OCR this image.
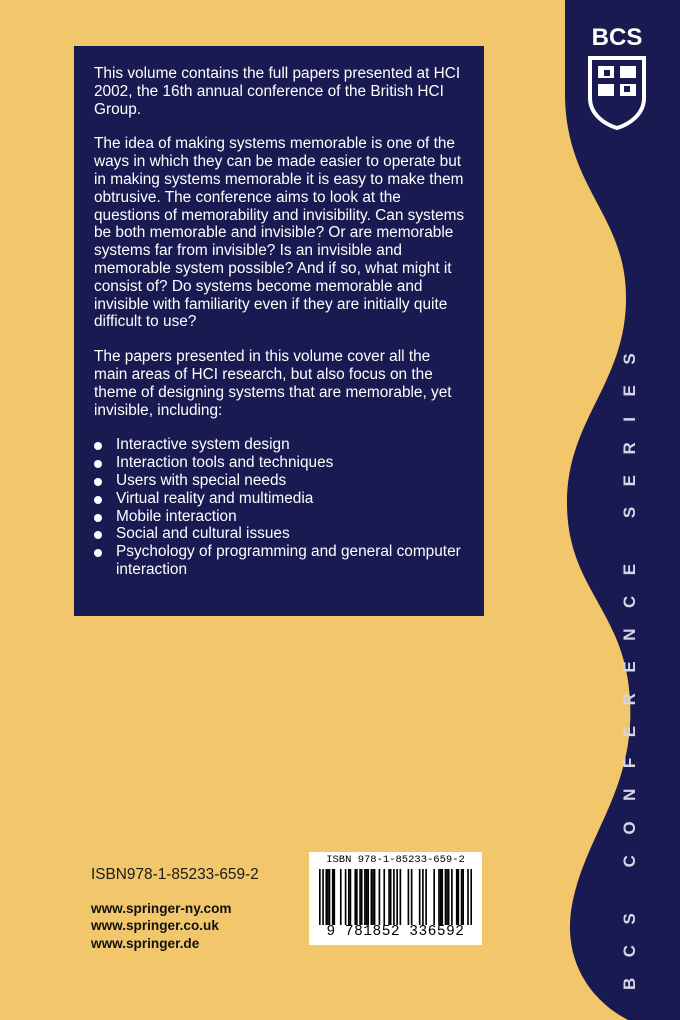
BCS
BCS CONFERENCE SERIES

This volume contains the full papers presented at HCI 2002, the 16th annual conference of the British HCI Group.

The idea of making systems memorable is one of the ways in which they can be made easier to operate but in making systems memorable it is easy to make them obtrusive. The conference aims to look at the questions of memorability and invisibility. Can systems be both memorable and invisible? Or are memorable systems far from invisible? Is an invisible and memorable system possible? And if so, what might it consist of? Do systems become memorable and invisible with familiarity even if they are initially quite difficult to use?

The papers presented in this volume cover all the main areas of HCI research, but also focus on the theme of designing systems that are memorable, yet invisible, including:

Interactive system design
Interaction tools and techniques
Users with special needs
Virtual reality and multimedia
Mobile interaction
Social and cultural issues
Psychology of programming and general computer interaction
ISBN978-1-85233-659-2
www.springer-ny.com
www.springer.co.uk
www.springer.de
ISBN 978-1-85233-659-2
9 781852 336592
